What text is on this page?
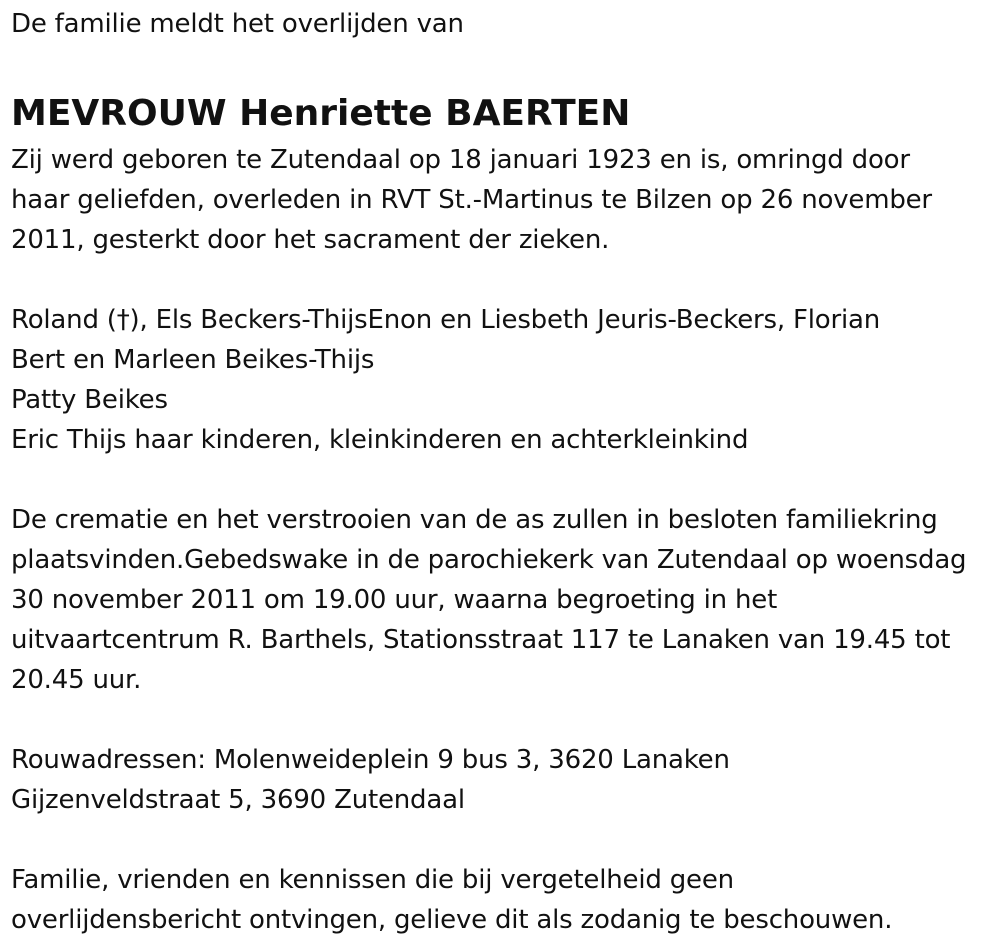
De familie meldt het overlijden van

MEVROUW Henriette BAERTEN

Zij werd geboren te Zutendaal op 18 januari 1923 en is, omringd door

haar geliefden, overleden in RVT St.-Martinus te Bilzen op 26 november

2011, gesterkt door het sacrament der zieken.

Roland (†), Els Beckers-ThijsEnon en Liesbeth Jeuris-Beckers, Florian

Bert en Marleen Beikes-Thijs

Patty Beikes

Eric Thijs haar kinderen, kleinkinderen en achterkleinkind

De crematie en het verstrooien van de as zullen in besloten familiekring

plaatsvinden.Gebedswake in de parochiekerk van Zutendaal op woensdag

30 november 2011 om 19.00 uur, waarna begroeting in het

uitvaartcentrum R. Barthels, Stationsstraat 117 te Lanaken van 19.45 tot

20.45 uur.

Rouwadressen: Molenweideplein 9 bus 3, 3620 Lanaken

Gijzenveldstraat 5, 3690 Zutendaal

Familie, vrienden en kennissen die bij vergetelheid geen

overlijdensbericht ontvingen, gelieve dit als zodanig te beschouwen.
